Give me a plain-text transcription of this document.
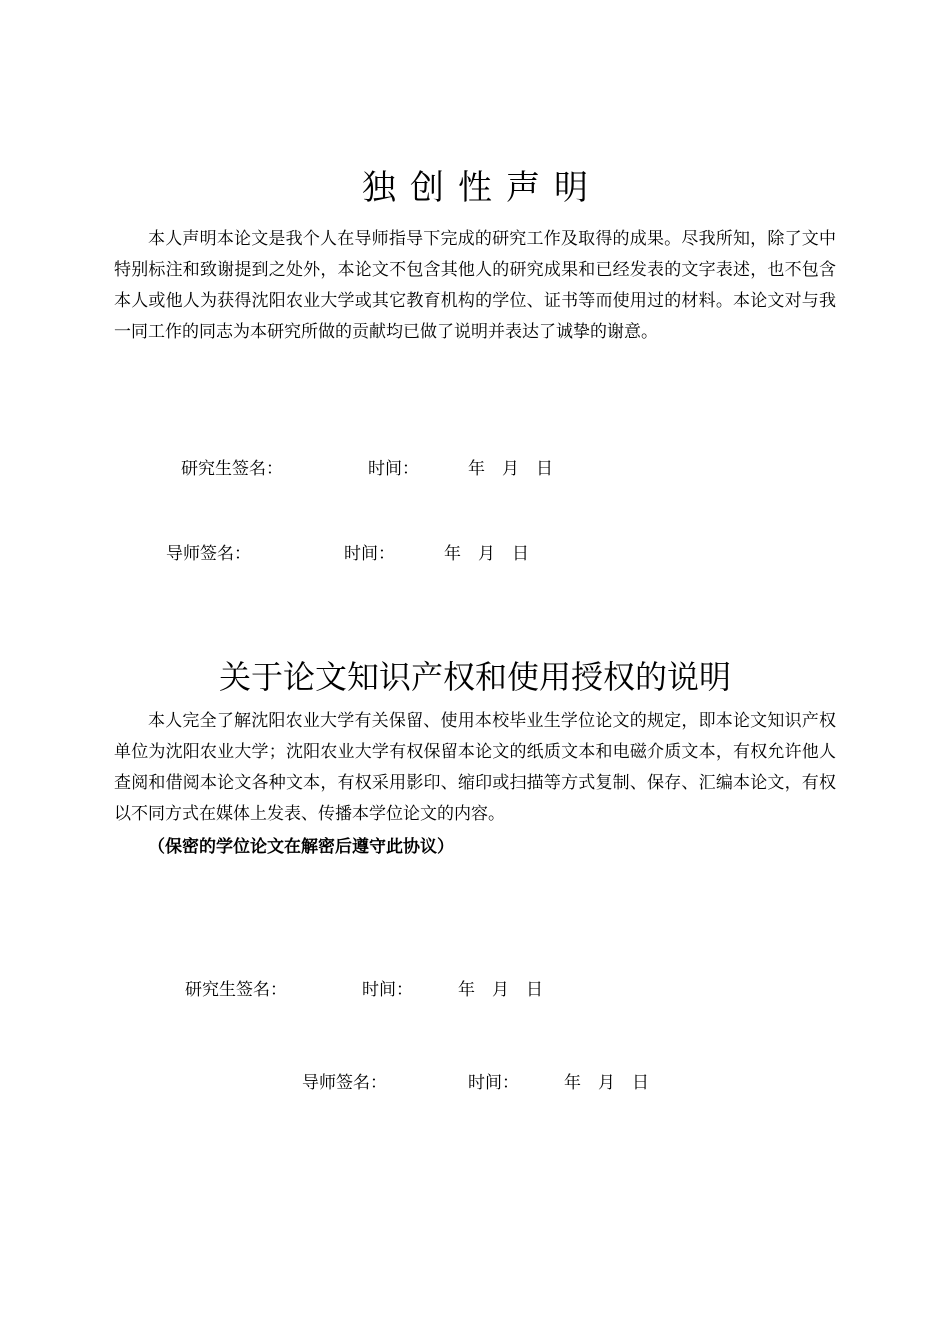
独创性声明

本人声明本论文是我个人在导师指导下完成的研究工作及取得的成果。尽我所知，除了文中特别标注和致谢提到之处外，本论文不包含其他人的研究成果和已经发表的文字表述，也不包含本人或他人为获得沈阳农业大学或其它教育机构的学位、证书等而使用过的材料。本论文对与我一同工作的同志为本研究所做的贡献均已做了说明并表达了诚挚的谢意。

研究生签名：	时间：	年　月　日
导师签名：	时间：	年　月　日
关于论文知识产权和使用授权的说明

本人完全了解沈阳农业大学有关保留、使用本校毕业生学位论文的规定，即本论文知识产权单位为沈阳农业大学；沈阳农业大学有权保留本论文的纸质文本和电磁介质文本，有权允许他人查阅和借阅本论文各种文本，有权采用影印、缩印或扫描等方式复制、保存、汇编本论文，有权以不同方式在媒体上发表、传播本学位论文的内容。

（保密的学位论文在解密后遵守此协议）

研究生签名：	时间：	年　月　日
导师签名：	时间：	年　月　日
